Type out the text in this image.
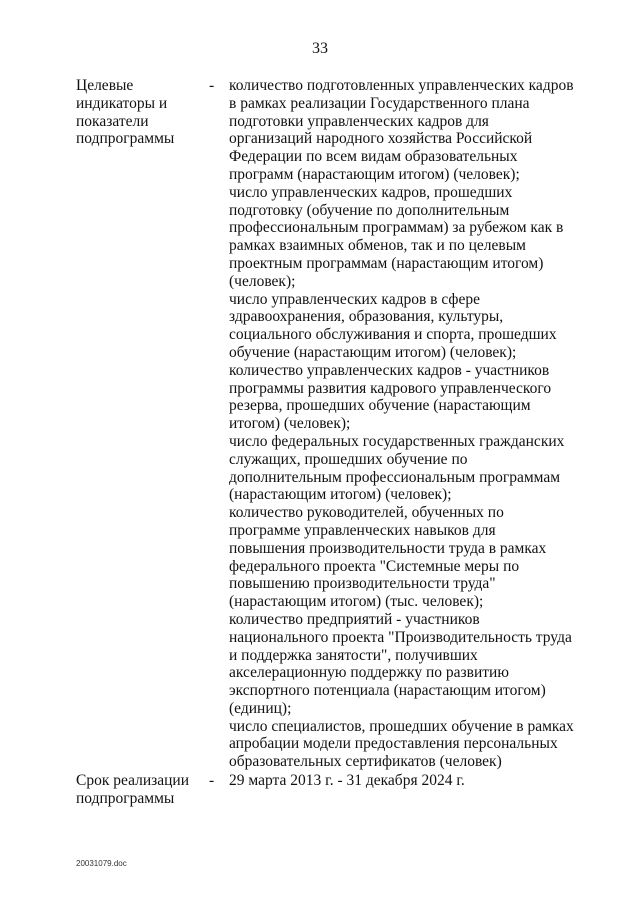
33
Целевые
индикаторы и
показатели
подпрограммы
- количество подготовленных управленческих кадров
в рамках реализации Государственного плана
подготовки управленческих кадров для
организаций народного хозяйства Российской
Федерации по всем видам образовательных
программ (нарастающим итогом) (человек);
число управленческих кадров, прошедших
подготовку (обучение по дополнительным
профессиональным программам) за рубежом как в
рамках взаимных обменов, так и по целевым
проектным программам (нарастающим итогом)
(человек);
число управленческих кадров в сфере
здравоохранения, образования, культуры,
социального обслуживания и спорта, прошедших
обучение (нарастающим итогом) (человек);
количество управленческих кадров - участников
программы развития кадрового управленческого
резерва, прошедших обучение (нарастающим
итогом) (человек);
число федеральных государственных гражданских
служащих, прошедших обучение по
дополнительным профессиональным программам
(нарастающим итогом) (человек);
количество руководителей, обученных по
программе управленческих навыков для
повышения производительности труда в рамках
федерального проекта "Системные меры по
повышению производительности труда"
(нарастающим итогом) (тыс. человек);
количество предприятий - участников
национального проекта "Производительность труда
и поддержка занятости", получивших
акселерационную поддержку по развитию
экспортного потенциала (нарастающим итогом)
(единиц);
число специалистов, прошедших обучение в рамках
апробации модели предоставления персональных
образовательных сертификатов (человек)
Срок реализации
подпрограммы
- 29 марта 2013 г. - 31 декабря 2024 г.
20031079.doc
